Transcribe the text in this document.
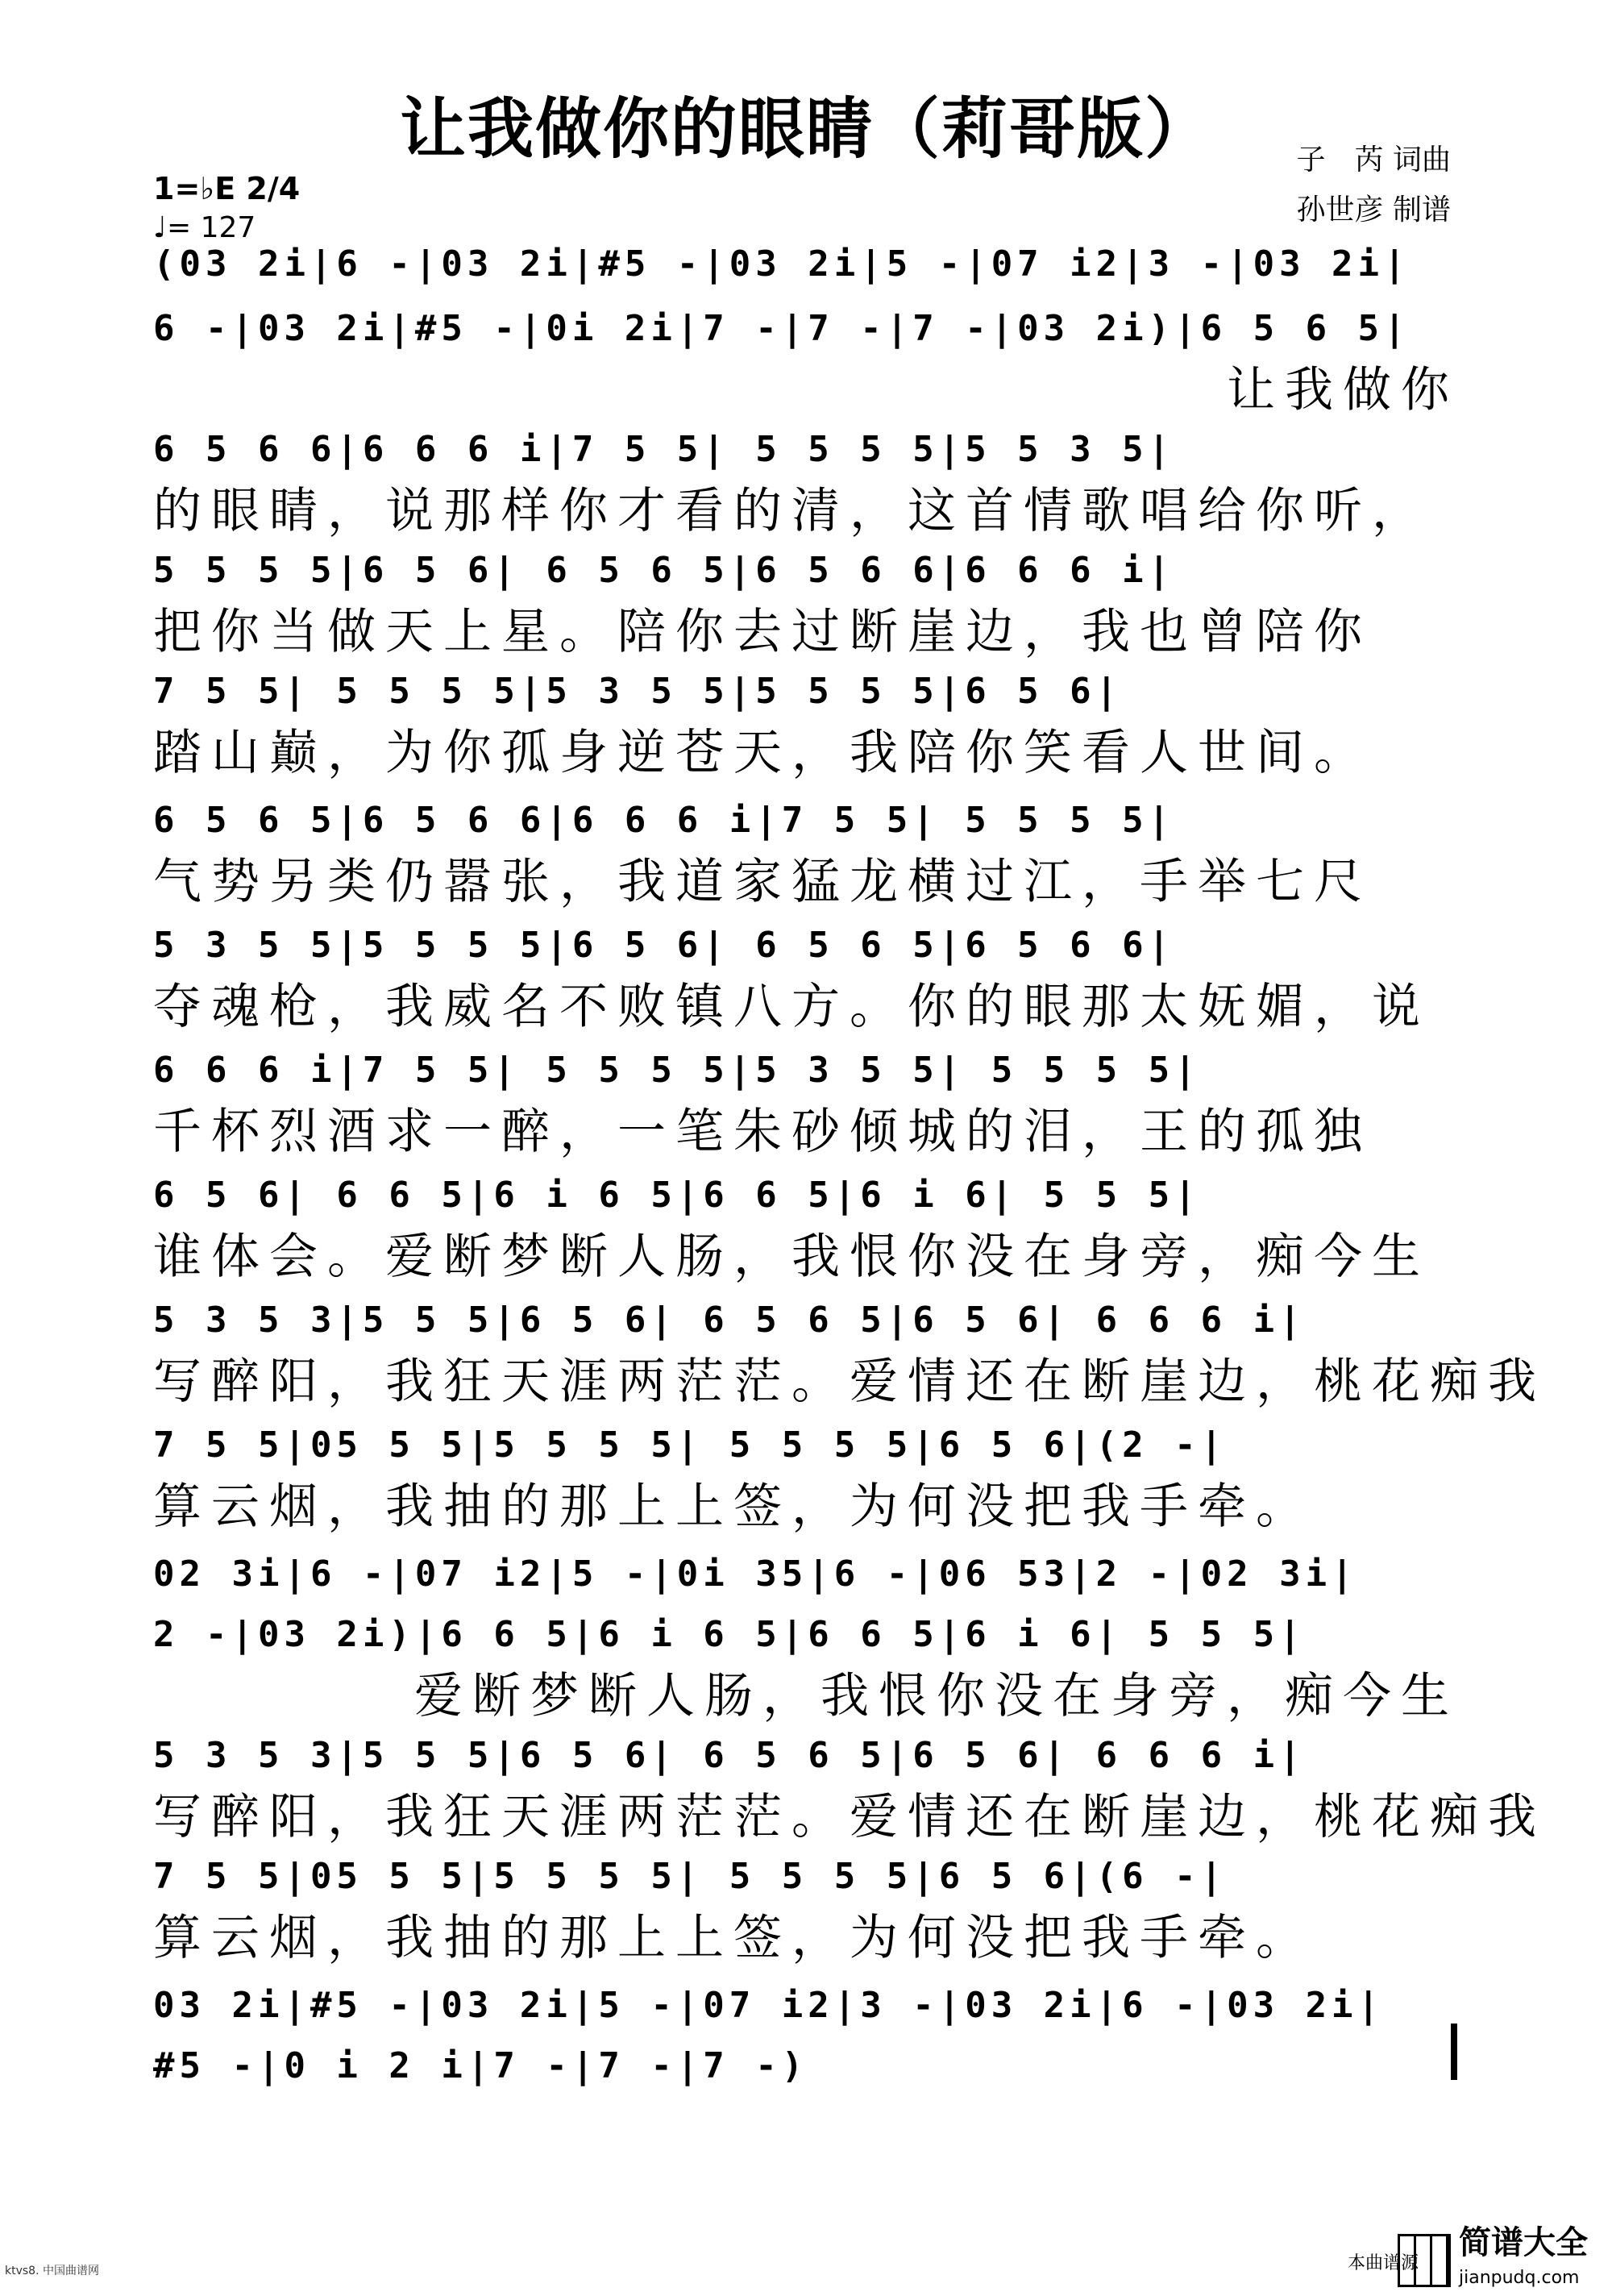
让我做你的眼睛（莉哥版）	子　芮 词曲
孙世彦 制谱
1=♭E 2/4
♩= 127
(03 2i|6 -|03 2i|#5 -|03 2i|5 -|07 i2|3 -|03 2i|
6 -|03 2i|#5 -|0i 2i|7 -|7 -|7 -|03 2i)|6 5 6 5|
让我做你
6 5 6 6|6 6 6 i|7 5 5| 5 5 5 5|5 5 3 5|
的眼睛，说那样你才看的清，这首情歌唱给你听，
5 5 5 5|6 5 6| 6 5 6 5|6 5 6 6|6 6 6 i|
把你当做天上星。陪你去过断崖边，我也曾陪你
7 5 5| 5 5 5 5|5 3 5 5|5 5 5 5|6 5 6|
踏山巅，为你孤身逆苍天，我陪你笑看人世间。
6 5 6 5|6 5 6 6|6 6 6 i|7 5 5| 5 5 5 5|
气势另类仍嚣张，我道家猛龙横过江，手举七尺
5 3 5 5|5 5 5 5|6 5 6| 6 5 6 5|6 5 6 6|
夺魂枪，我威名不败镇八方。你的眼那太妩媚，说
6 6 6 i|7 5 5| 5 5 5 5|5 3 5 5| 5 5 5 5|
千杯烈酒求一醉，一笔朱砂倾城的泪，王的孤独
6 5 6| 6 6 5|6 i 6 5|6 6 5|6 i 6| 5 5 5|
谁体会。爱断梦断人肠，我恨你没在身旁，痴今生
5 3 5 3|5 5 5|6 5 6| 6 5 6 5|6 5 6| 6 6 6 i|
写醉阳，我狂天涯两茫茫。爱情还在断崖边，桃花痴我
7 5 5|05 5 5|5 5 5 5| 5 5 5 5|6 5 6|(2 -|
算云烟，我抽的那上上签，为何没把我手牵。
02 3i|6 -|07 i2|5 -|0i 35|6 -|06 53|2 -|02 3i|
2 -|03 2i)|6 6 5|6 i 6 5|6 6 5|6 i 6| 5 5 5|
爱断梦断人肠，我恨你没在身旁，痴今生
5 3 5 3|5 5 5|6 5 6| 6 5 6 5|6 5 6| 6 6 6 i|
写醉阳，我狂天涯两茫茫。爱情还在断崖边，桃花痴我
7 5 5|05 5 5|5 5 5 5| 5 5 5 5|6 5 6|(6 -|
算云烟，我抽的那上上签，为何没把我手牵。
03 2i|#5 -|03 2i|5 -|07 i2|3 -|03 2i|6 -|03 2i|
#5 -|0 i 2 i|7 -|7 -|7 -)
本曲谱源
简谱大全
jianpudq.com
ktvs8. 中国曲谱网
